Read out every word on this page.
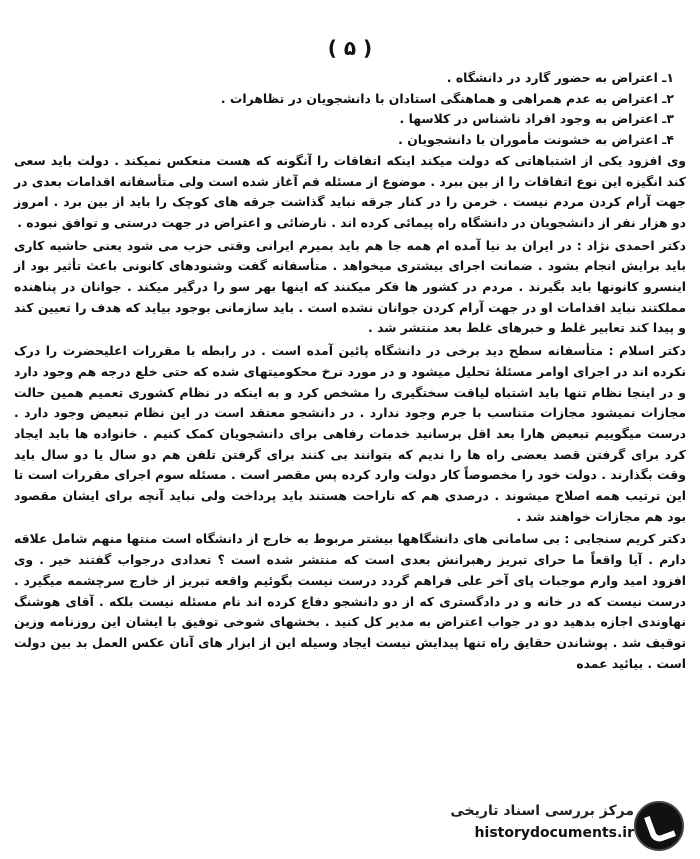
( ۵ )

۱ـ اعتراض به حضور گارد در دانشگاه .

۲ـ اعتراض به عدم همراهی و هماهنگی استادان با دانشجویان در تظاهرات .

۳ـ اعتراض به وجود افراد ناشناس در کلاسها .

۴ـ اعتراض به خشونت مأموران با دانشجویان .

وی افزود یکی از اشتباهاتی که دولت میکند اینکه اتفاقات را آنگونه که هست منعکس نمیکند . دولت باید سعی کند انگیزه این نوع اتفاقات را از بین ببرد . موضوع از مسئله قم آغاز شده است ولی متأسفانه اقدامات بعدی در جهت آرام کردن مردم نیست . خرمن را در کنار جرقه نباید گذاشت جرقه های کوچک را باید از بین برد . امروز دو هزار نفر از دانشجویان در دانشگاه راه پیمائی کرده اند . نارضائی و اعتراض در جهت درستی و توافق نبوده .

دکتر احمدی نژاد : در ایران بد نیا آمده ام همه جا هم باید بمیرم ایرانی وقتی حزب می شود یعنی حاشیه کاری باید برایش انجام بشود . ضمانت اجرای بیشتری میخواهد . متأسفانه گفت وشنودهای کانونی باعث تأثیر بود از اینسرو کانونها باید بگیرند . مردم در کشور ها فکر میکنند که اینها بهر سو را درگیر میکند . جوانان در پناهنده مملکتند نباید اقدامات او در جهت آرام کردن جوانان نشده است . باید سازمانی بوجود بیاید که هدف را تعیین کند و پیدا کند تعابیر غلط و خبرهای غلط بعد منتشر شد .

دکتر اسلام : متأسفانه سطح دید برخی در دانشگاه پائین آمده است . در رابطه با مقررات اعلیحضرت را درک نکرده اند در اجرای اوامر مسئلهٔ تحلیل میشود و در مورد نرخ محکومیتهای شده که حتی خلع درجه هم وجود دارد و در اینجا نظام تنها باید اشتباه لیاقت سختگیری را مشخص کرد و به اینکه در نظام کشوری تعمیم همین حالت مجازات نمیشود مجازات متناسب با جرم وجود ندارد . در دانشجو معتقد است در این نظام تبعیض وجود دارد . درست میگوییم تبعیض هارا بعد اقل برسانید خدمات رفاهی برای دانشجویان کمک کنیم . خانواده ها باید ایجاد کرد برای گرفتن قصد بعضی راه ها را ندیم که بتوانند بی کنند برای گرفتن تلفن هم دو سال یا دو سال باید وقت بگذارند . دولت خود را مخصوصاً کار دولت وارد کرده پس مقصر است . مسئله سوم اجرای مقررات است تا این ترتیب همه اصلاح میشوند . درصدی هم که ناراحت هستند باید پرداخت ولی نباید آنچه برای ایشان مقصود بود هم مجازات خواهند شد .

دکتر کریم سنجابی : بی سامانی های دانشگاهها بیشتر مربوط به خارج از دانشگاه است منتها منهم شامل علاقه دارم . آیا واقعاً ما حرای تبریز رهبرانش بعدی است که منتشر شده است ؟ تعدادی درجواب گفتند خیر . وی افزود امید وارم موجبات پای آخر علی فراهم گردد درست نیست بگوئیم واقعه تبریز از خارج سرچشمه میگیرد . درست نیست که در خانه و در دادگستری که از دو دانشجو دفاع کرده اند نام مسئله نیست بلکه . آقای هوشنگ نهاوندی اجازه بدهید دو در جواب اعتراض به مدیر کل کنید . بخشهای شوخی توفیق با ایشان این روزنامه وزین توقیف شد . پوشاندن حقایق راه تنها پیدایش نیست ایجاد وسیله این از ابزار های آنان عکس العمل بد بین دولت است . بیائید عمده

مرکز بررسی اسناد تاریخی
historydocuments.ir
